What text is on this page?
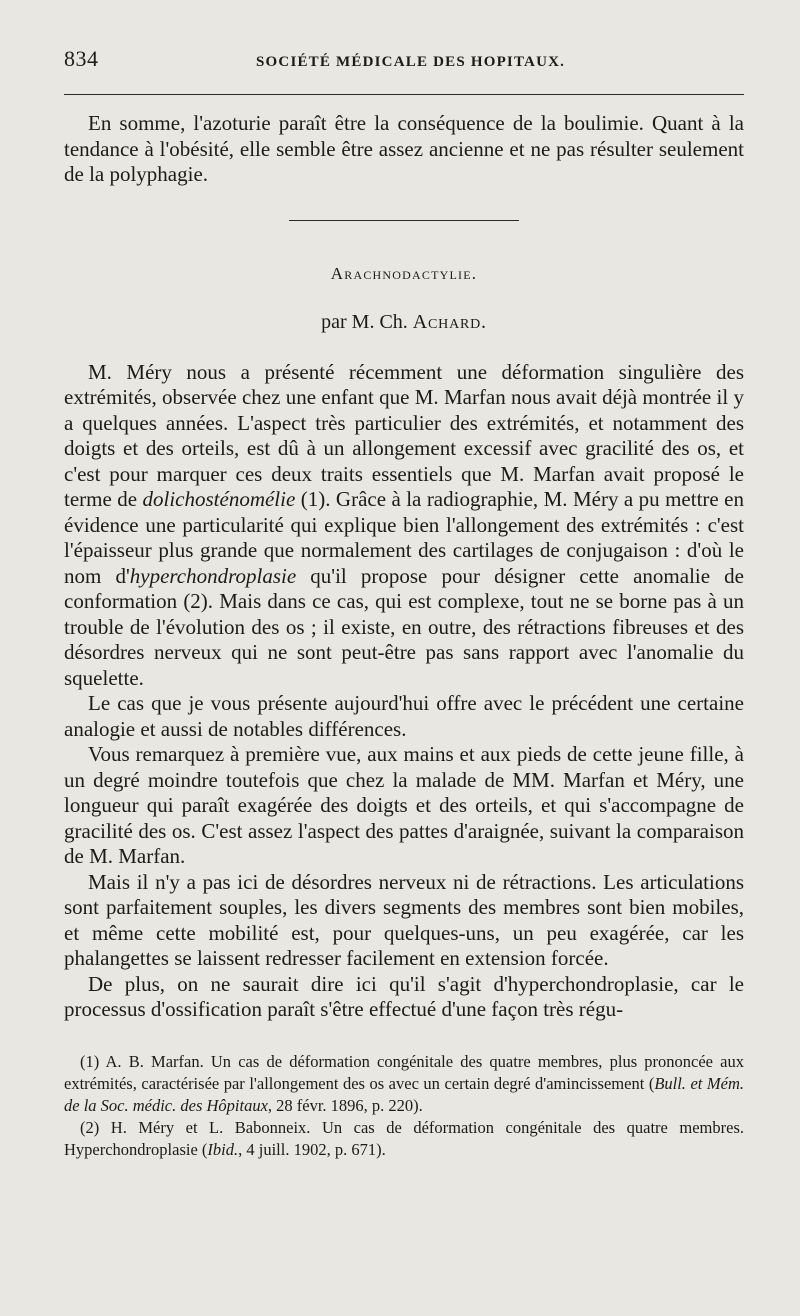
834	SOCIÉTÉ MÉDICALE DES HOPITAUX.

En somme, l'azoturie paraît être la conséquence de la boulimie. Quant à la tendance à l'obésité, elle semble être assez ancienne et ne pas résulter seulement de la polyphagie.

Arachnodactylie.
par M. Ch. Achard.

M. Méry nous a présenté récemment une déformation singulière des extrémités, observée chez une enfant que M. Marfan nous avait déjà montrée il y a quelques années. L'aspect très particulier des extrémités, et notamment des doigts et des orteils, est dû à un allongement excessif avec gracilité des os, et c'est pour marquer ces deux traits essentiels que M. Marfan avait proposé le terme de dolichosténomélie (1). Grâce à la radiographie, M. Méry a pu mettre en évidence une particularité qui explique bien l'allongement des extrémités : c'est l'épaisseur plus grande que normalement des cartilages de conjugaison : d'où le nom d'hyperchondroplasie qu'il propose pour désigner cette anomalie de conformation (2). Mais dans ce cas, qui est complexe, tout ne se borne pas à un trouble de l'évolution des os ; il existe, en outre, des rétractions fibreuses et des désordres nerveux qui ne sont peut-être pas sans rapport avec l'anomalie du squelette.

Le cas que je vous présente aujourd'hui offre avec le précédent une certaine analogie et aussi de notables différences.

Vous remarquez à première vue, aux mains et aux pieds de cette jeune fille, à un degré moindre toutefois que chez la malade de MM. Marfan et Méry, une longueur qui paraît exagérée des doigts et des orteils, et qui s'accompagne de gracilité des os. C'est assez l'aspect des pattes d'araignée, suivant la comparaison de M. Marfan.

Mais il n'y a pas ici de désordres nerveux ni de rétractions. Les articulations sont parfaitement souples, les divers segments des membres sont bien mobiles, et même cette mobilité est, pour quelques-uns, un peu exagérée, car les phalangettes se laissent redresser facilement en extension forcée.

De plus, on ne saurait dire ici qu'il s'agit d'hyperchondroplasie, car le processus d'ossification paraît s'être effectué d'une façon très régu-

(1) A. B. Marfan. Un cas de déformation congénitale des quatre membres, plus prononcée aux extrémités, caractérisée par l'allongement des os avec un certain degré d'amincissement (Bull. et Mém. de la Soc. médic. des Hôpitaux, 28 févr. 1896, p. 220).

(2) H. Méry et L. Babonneix. Un cas de déformation congénitale des quatre membres. Hyperchondroplasie (Ibid., 4 juill. 1902, p. 671).
